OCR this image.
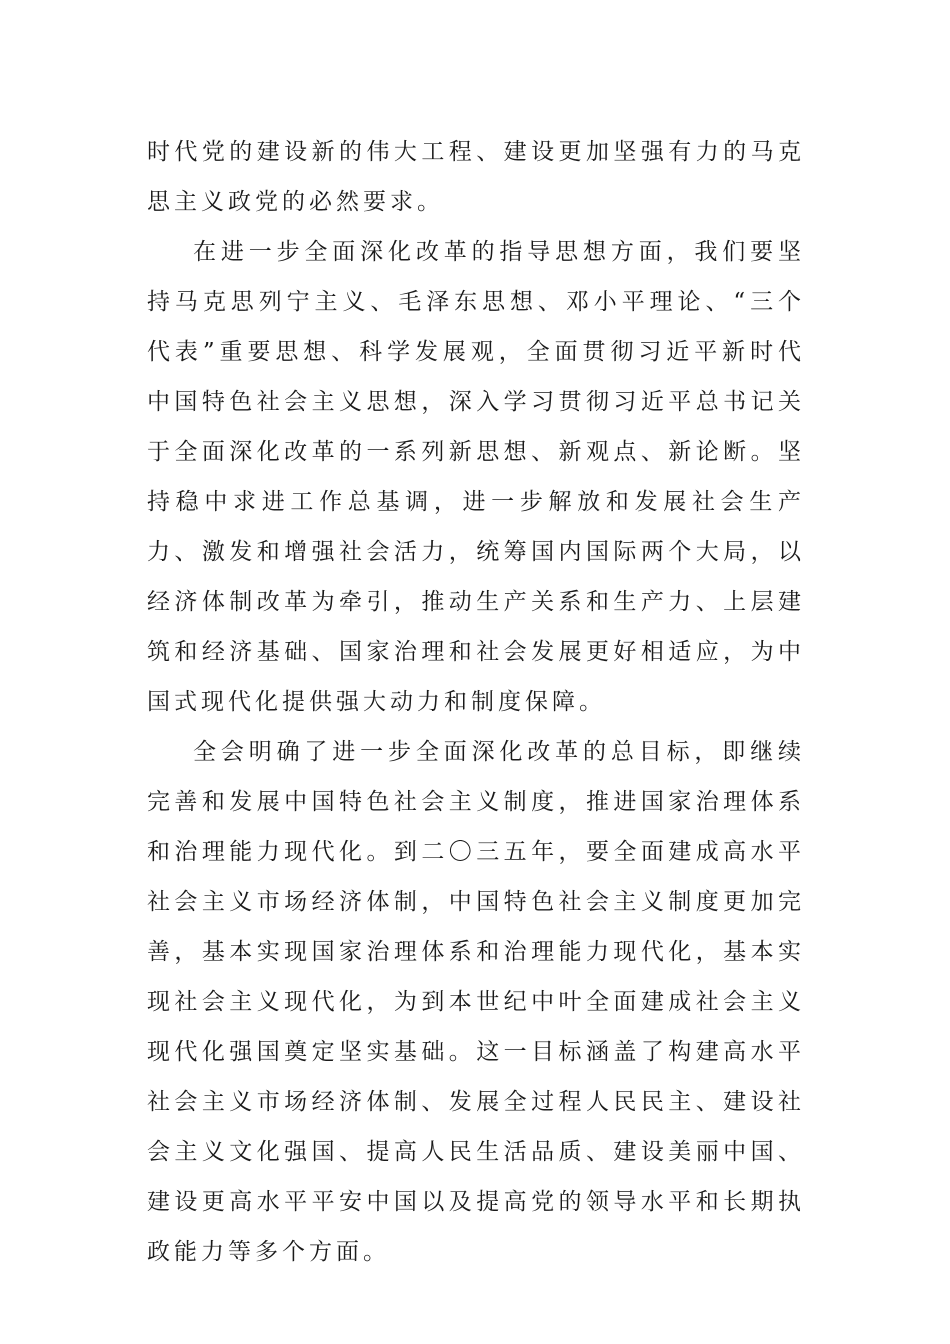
时代党的建设新的伟大工程、建设更加坚强有力的马克思主义政党的必然要求。

在进一步全面深化改革的指导思想方面，我们要坚持马克思列宁主义、毛泽东思想、邓小平理论、“三个代表”重要思想、科学发展观，全面贯彻习近平新时代中国特色社会主义思想，深入学习贯彻习近平总书记关于全面深化改革的一系列新思想、新观点、新论断。坚持稳中求进工作总基调，进一步解放和发展社会生产力、激发和增强社会活力，统筹国内国际两个大局，以经济体制改革为牵引，推动生产关系和生产力、上层建筑和经济基础、国家治理和社会发展更好相适应，为中国式现代化提供强大动力和制度保障。

全会明确了进一步全面深化改革的总目标，即继续完善和发展中国特色社会主义制度，推进国家治理体系和治理能力现代化。到二〇三五年，要全面建成高水平社会主义市场经济体制，中国特色社会主义制度更加完善，基本实现国家治理体系和治理能力现代化，基本实现社会主义现代化，为到本世纪中叶全面建成社会主义现代化强国奠定坚实基础。这一目标涵盖了构建高水平社会主义市场经济体制、发展全过程人民民主、建设社会主义文化强国、提高人民生活品质、建设美丽中国、建设更高水平平安中国以及提高党的领导水平和长期执政能力等多个方面。
